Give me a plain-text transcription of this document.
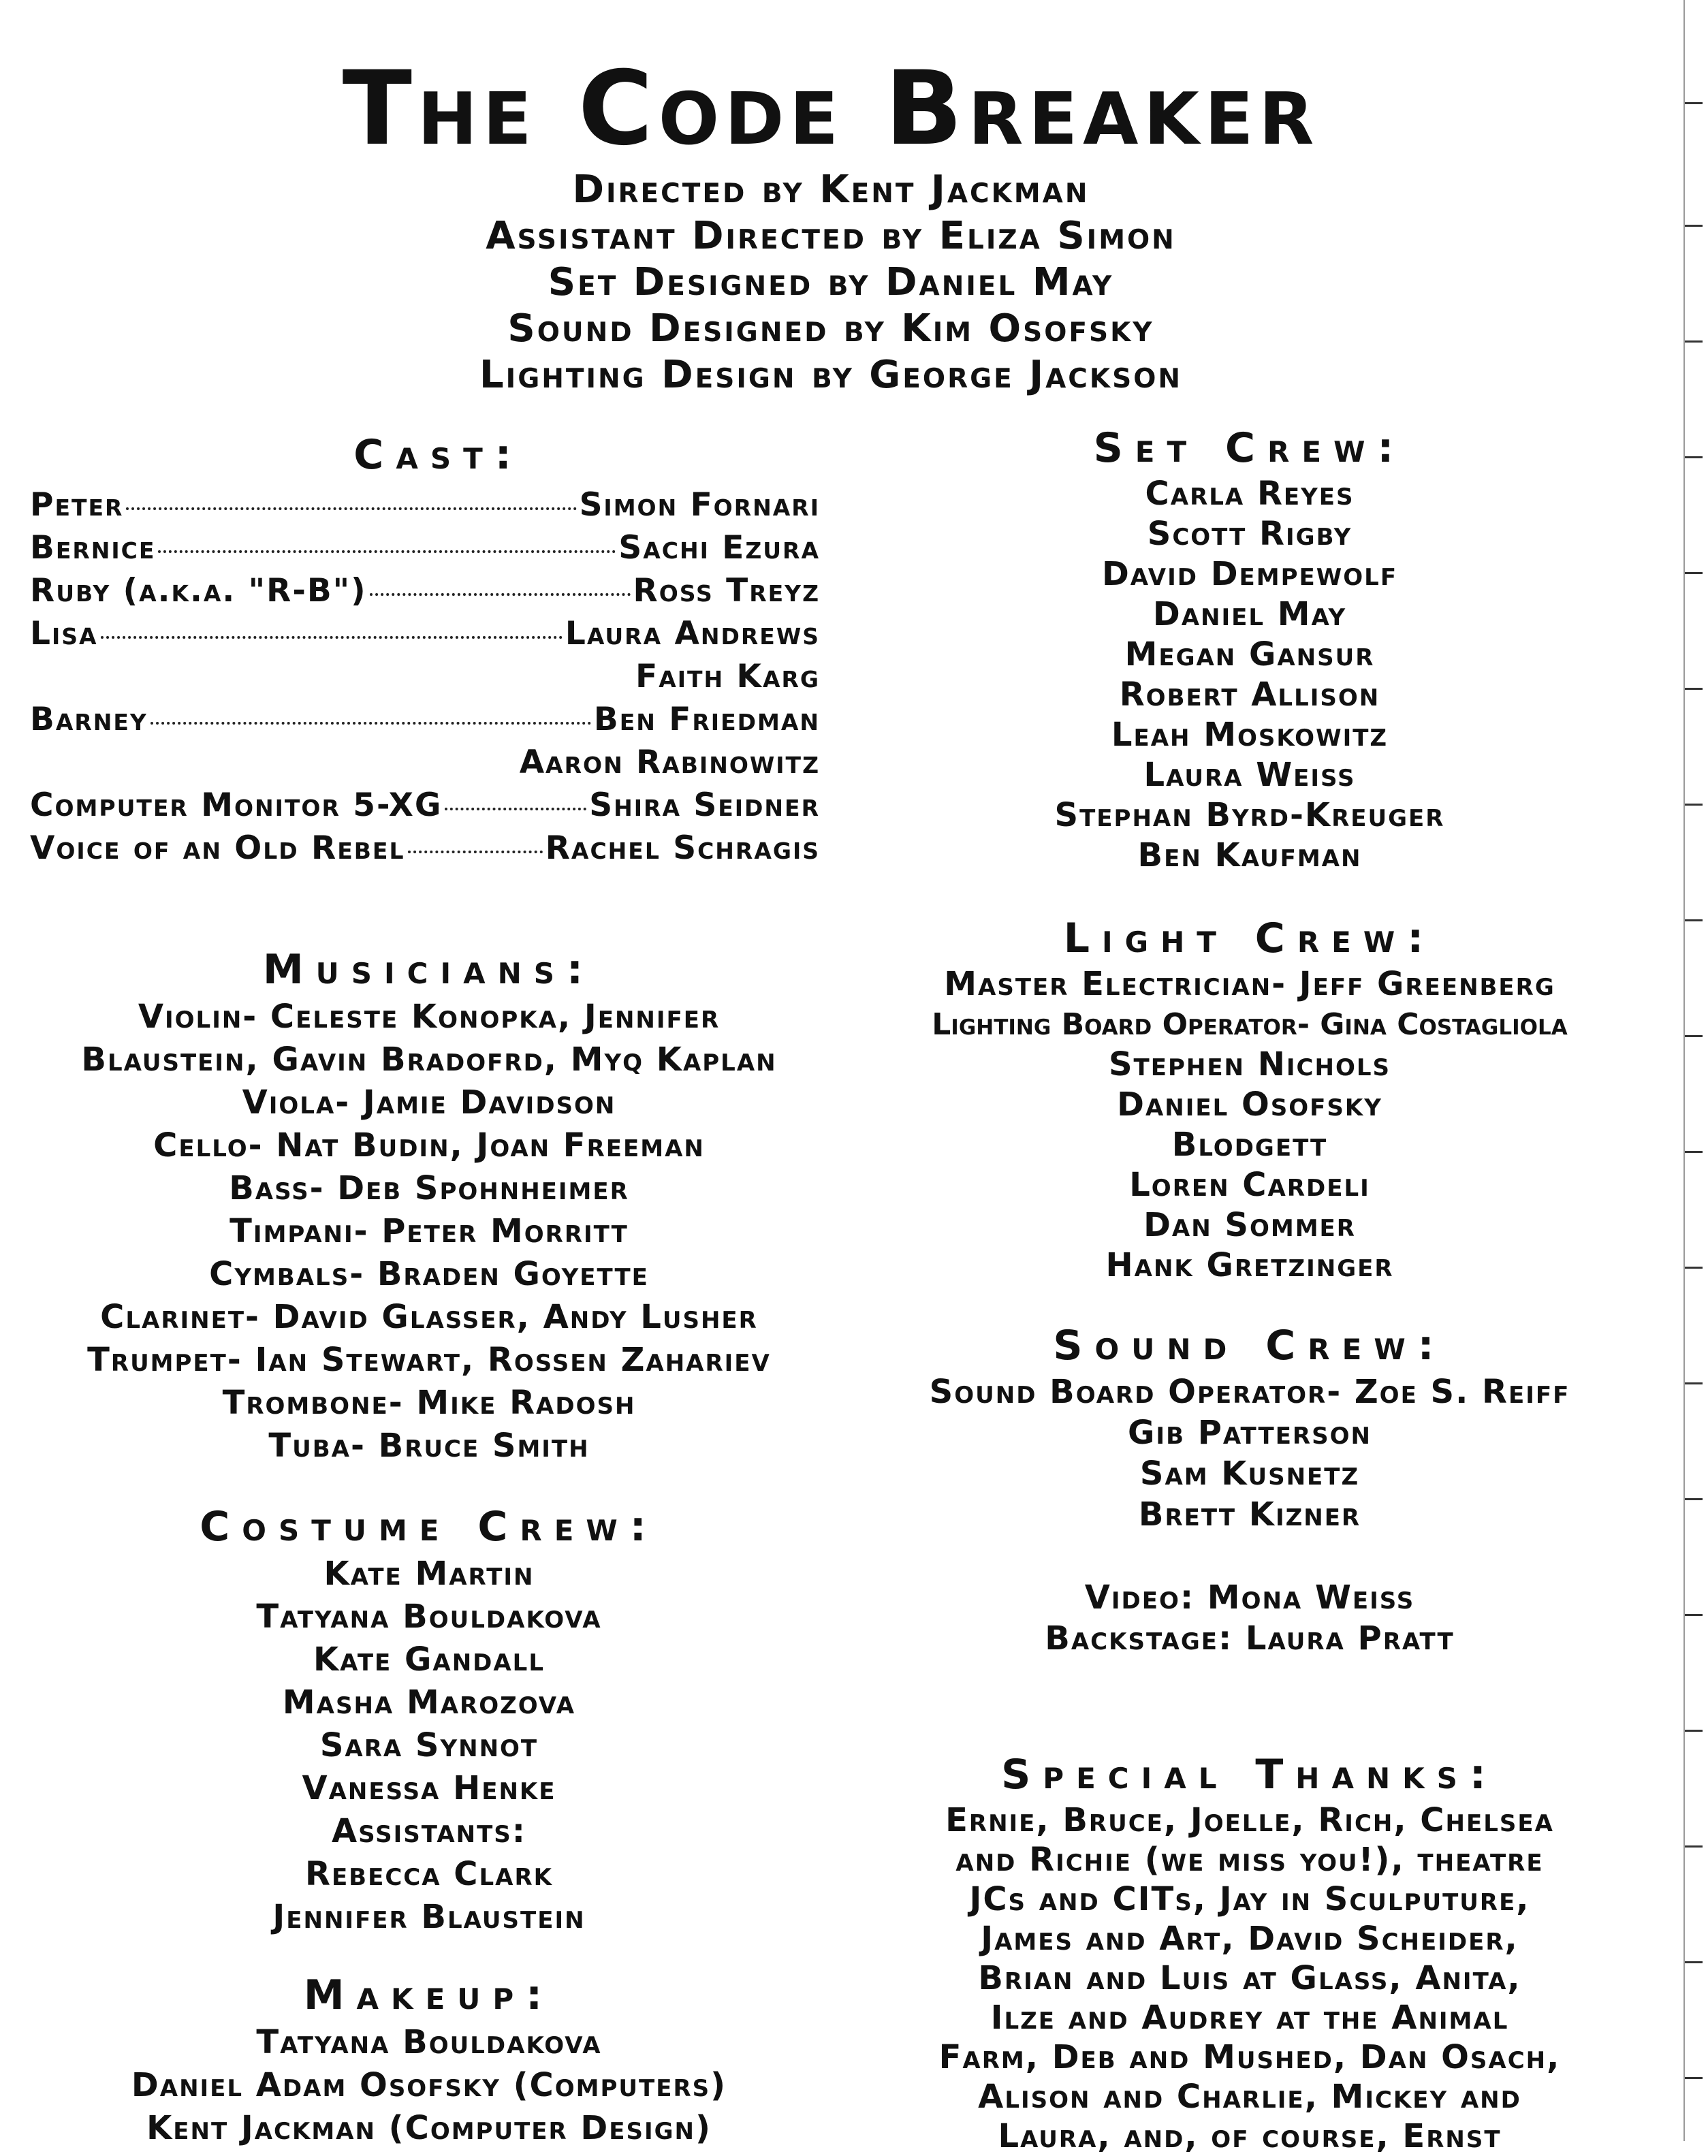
The Code Breaker
Directed by Kent Jackman
Assistant Directed by Eliza Simon
Set Designed by Daniel May
Sound Designed by Kim Osofsky
Lighting Design by George Jackson
Cast:
Peter	Simon Fornari
Bernice	Sachi Ezura
Ruby (a.k.a. "R-B")	Ross Treyz
Lisa	Laura Andrews
Faith Karg
Barney	Ben Friedman
Aaron Rabinowitz
Computer Monitor 5-XG	Shira Seidner
Voice of an Old Rebel	Rachel Schragis
Musicians:
Violin- Celeste Konopka, Jennifer
Blaustein, Gavin Bradofrd, Myq Kaplan
Viola- Jamie Davidson
Cello- Nat Budin, Joan Freeman
Bass- Deb Spohnheimer
Timpani- Peter Morritt
Cymbals- Braden Goyette
Clarinet- David Glasser, Andy Lusher
Trumpet- Ian Stewart, Rossen Zahariev
Trombone- Mike Radosh
Tuba- Bruce Smith
Costume Crew:
Kate Martin
Tatyana Bouldakova
Kate Gandall
Masha Marozova
Sara Synnot
Vanessa Henke
Assistants:
Rebecca Clark
Jennifer Blaustein
Makeup:
Tatyana Bouldakova
Daniel Adam Osofsky (Computers)
Kent Jackman (Computer Design)
Set Crew:
Carla Reyes
Scott Rigby
David Dempewolf
Daniel May
Megan Gansur
Robert Allison
Leah Moskowitz
Laura Weiss
Stephan Byrd-Kreuger
Ben Kaufman
Light Crew:
Master Electrician- Jeff Greenberg
Lighting Board Operator- Gina Costagliola
Stephen Nichols
Daniel Osofsky
Blodgett
Loren Cardeli
Dan Sommer
Hank Gretzinger
Sound Crew:
Sound Board Operator- Zoe S. Reiff
Gib Patterson
Sam Kusnetz
Brett Kizner
Video: Mona Weiss
Backstage: Laura Pratt
Special Thanks:
Ernie, Bruce, Joelle, Rich, Chelsea
and Richie (we miss you!), theatre
JCs and CITs, Jay in Sculputure,
James and Art, David Scheider,
Brian and Luis at Glass, Anita,
Ilze and Audrey at the Animal
Farm, Deb and Mushed, Dan Osach,
Alison and Charlie, Mickey and
Laura, and, of course, Ernst
